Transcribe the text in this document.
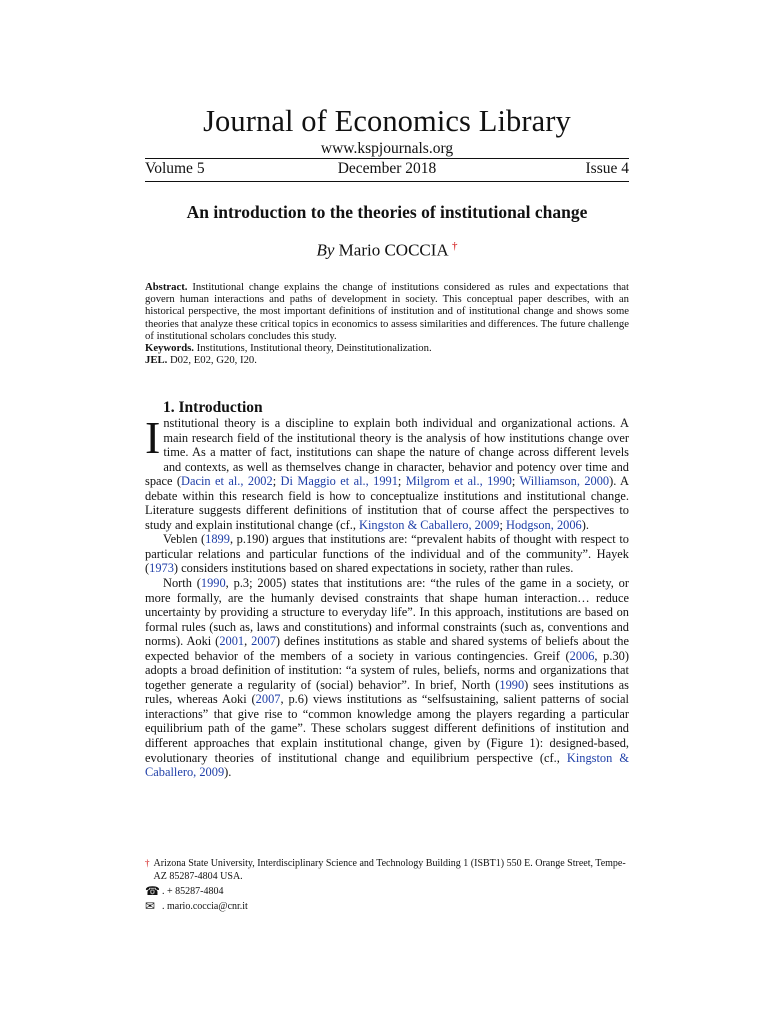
Journal of Economics Library
www.kspjournals.org
Volume 5	December 2018	Issue 4
An introduction to the theories of institutional change
By Mario COCCIA †
Abstract. Institutional change explains the change of institutions considered as rules and expectations that govern human interactions and paths of development in society. This conceptual paper describes, with an historical perspective, the most important definitions of institution and of institutional change and shows some theories that analyze these critical topics in economics to assess similarities and differences. The future challenge of institutional scholars concludes this study.
Keywords. Institutions, Institutional theory, Deinstitutionalization.
JEL. D02, E02, G20, I20.
1. Introduction

Institutional theory is a discipline to explain both individual and organizational actions. A main research field of the institutional theory is the analysis of how institutions change over time. As a matter of fact, institutions can shape the nature of change across different levels and contexts, as well as themselves change in character, behavior and potency over time and space (Dacin et al., 2002; Di Maggio et al., 1991; Milgrom et al., 1990; Williamson, 2000). A debate within this research field is how to conceptualize institutions and institutional change. Literature suggests different definitions of institution that of course affect the perspectives to study and explain institutional change (cf., Kingston & Caballero, 2009; Hodgson, 2006).

Veblen (1899, p.190) argues that institutions are: “prevalent habits of thought with respect to particular relations and particular functions of the individual and of the community”. Hayek (1973) considers institutions based on shared expectations in society, rather than rules.

North (1990, p.3; 2005) states that institutions are: “the rules of the game in a society, or more formally, are the humanly devised constraints that shape human interaction… reduce uncertainty by providing a structure to everyday life”. In this approach, institutions are based on formal rules (such as, laws and constitutions) and informal constraints (such as, conventions and norms). Aoki (2001, 2007) defines institutions as stable and shared systems of beliefs about the expected behavior of the members of a society in various contingencies. Greif (2006, p.30) adopts a broad definition of institution: “a system of rules, beliefs, norms and organizations that together generate a regularity of (social) behavior”. In brief, North (1990) sees institutions as rules, whereas Aoki (2007, p.6) views institutions as “selfsustaining, salient patterns of social interactions” that give rise to “common knowledge among the players regarding a particular equilibrium path of the game”. These scholars suggest different definitions of institution and different approaches that explain institutional change, given by (Figure 1): designed-based, evolutionary theories of institutional change and equilibrium perspective (cf., Kingston & Caballero, 2009).

† Arizona State University, Interdisciplinary Science and Technology Building 1 (ISBT1) 550 E. Orange Street, Tempe- AZ 85287-4804 USA.
☎ . + 85287-4804
✉ . mario.coccia@cnr.it
